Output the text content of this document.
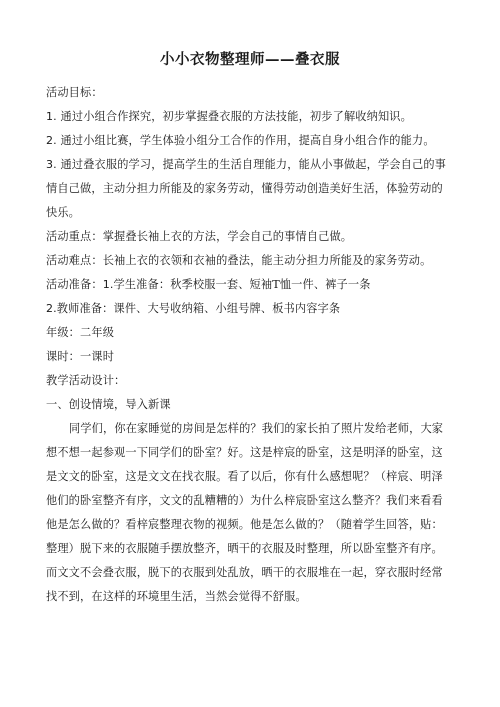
小小衣物整理师——叠衣服

活动目标：

1. 通过小组合作探究，初步掌握叠衣服的方法技能，初步了解收纳知识。

2. 通过小组比赛，学生体验小组分工合作的作用，提高自身小组合作的能力。

3. 通过叠衣服的学习，提高学生的生活自理能力，能从小事做起，学会自己的事情自己做，主动分担力所能及的家务劳动，懂得劳动创造美好生活，体验劳动的快乐。

活动重点：掌握叠长袖上衣的方法，学会自己的事情自己做。

活动难点：长袖上衣的衣领和衣袖的叠法，能主动分担力所能及的家务劳动。

活动准备：1.学生准备：秋季校服一套、短袖T恤一件、裤子一条

2.教师准备：课件、大号收纳箱、小组号牌、板书内容字条

年级：二年级

课时：一课时

教学活动设计：

一、创设情境，导入新课

同学们，你在家睡觉的房间是怎样的？我们的家长拍了照片发给老师，大家想不想一起参观一下同学们的卧室？好。这是梓宸的卧室，这是明泽的卧室，这是文文的卧室，这是文文在找衣服。看了以后，你有什么感想呢？（梓宸、明泽他们的卧室整齐有序，文文的乱糟糟的）为什么梓宸卧室这么整齐？我们来看看他是怎么做的？看梓宸整理衣物的视频。他是怎么做的？（随着学生回答，贴：整理）脱下来的衣服随手摆放整齐，晒干的衣服及时整理，所以卧室整齐有序。而文文不会叠衣服，脱下的衣服到处乱放，晒干的衣服堆在一起，穿衣服时经常找不到，在这样的环境里生活，当然会觉得不舒服。
